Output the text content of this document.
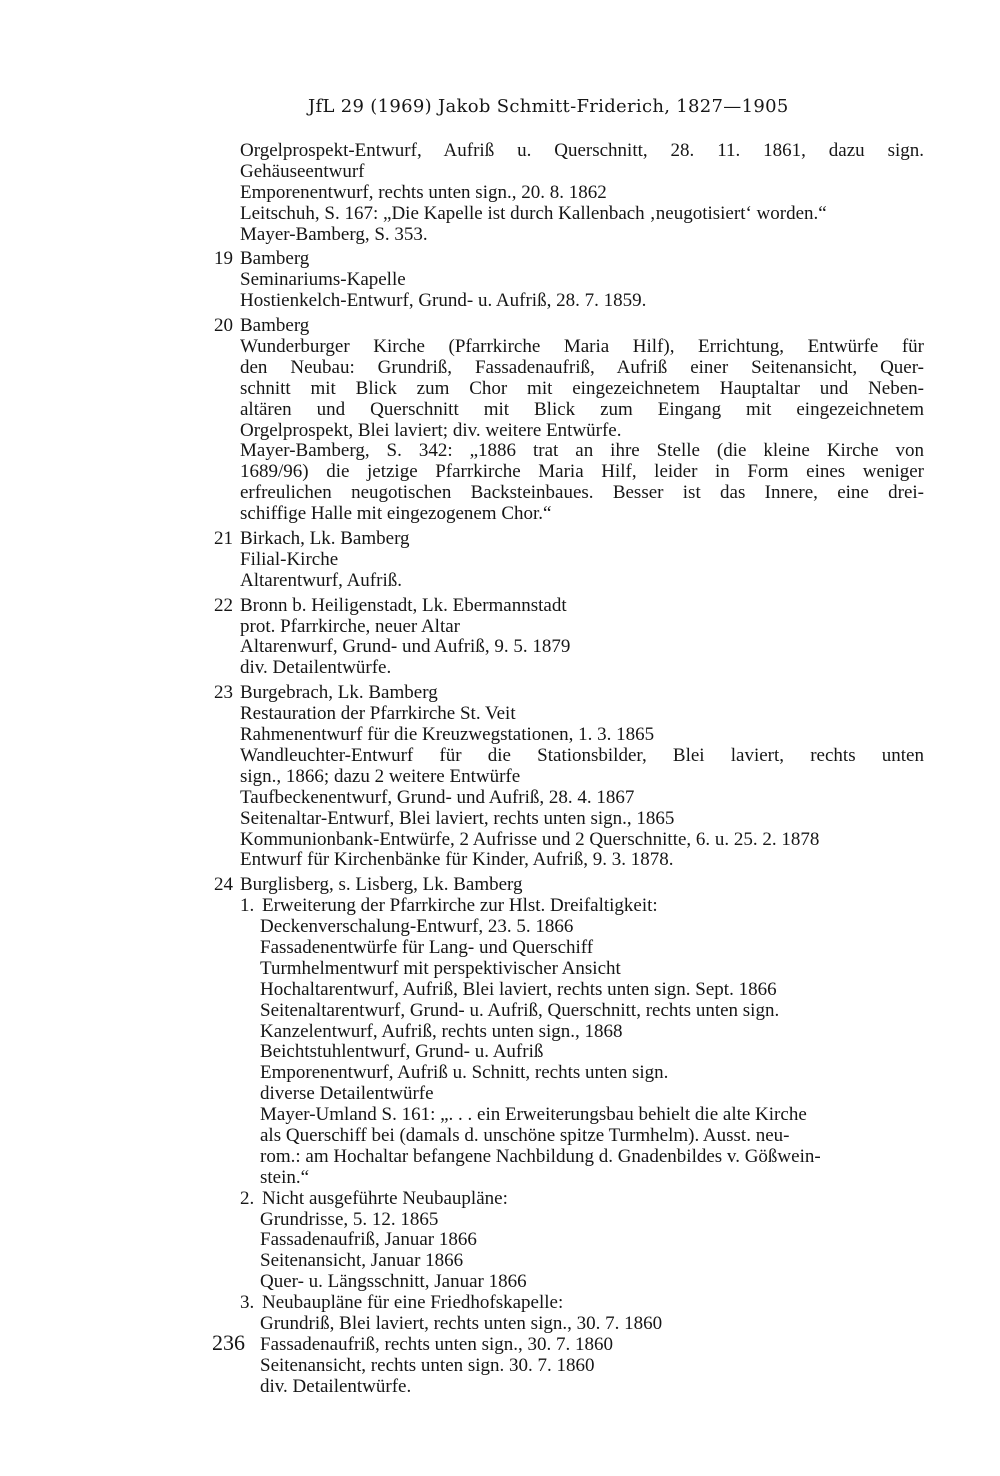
JfL 29 (1969) Jakob Schmitt-Friderich, 1827—1905
Orgelprospekt-Entwurf, Aufriß u. Querschnitt, 28. 11. 1861, dazu sign.
Gehäuseentwurf
Emporenentwurf, rechts unten sign., 20. 8. 1862
Leitschuh, S. 167: „Die Kapelle ist durch Kallenbach ‚neugotisiert‘ worden.“
Mayer-Bamberg, S. 353.
19 Bamberg
Seminariums-Kapelle
Hostienkelch-Entwurf, Grund- u. Aufriß, 28. 7. 1859.
20 Bamberg
Wunderburger Kirche (Pfarrkirche Maria Hilf), Errichtung, Entwürfe für
den Neubau: Grundriß, Fassadenaufriß, Aufriß einer Seitenansicht, Quer-
schnitt mit Blick zum Chor mit eingezeichnetem Hauptaltar und Neben-
altären und Querschnitt mit Blick zum Eingang mit eingezeichnetem
Orgelprospekt, Blei laviert; div. weitere Entwürfe.
Mayer-Bamberg, S. 342: „1886 trat an ihre Stelle (die kleine Kirche von
1689/96) die jetzige Pfarrkirche Maria Hilf, leider in Form eines weniger
erfreulichen neugotischen Backsteinbaues. Besser ist das Innere, eine drei-
schiffige Halle mit eingezogenem Chor.“
21 Birkach, Lk. Bamberg
Filial-Kirche
Altarentwurf, Aufriß.
22 Bronn b. Heiligenstadt, Lk. Ebermannstadt
prot. Pfarrkirche, neuer Altar
Altarenwurf, Grund- und Aufriß, 9. 5. 1879
div. Detailentwürfe.
23 Burgebrach, Lk. Bamberg
Restauration der Pfarrkirche St. Veit
Rahmenentwurf für die Kreuzwegstationen, 1. 3. 1865
Wandleuchter-Entwurf für die Stationsbilder, Blei laviert, rechts unten
sign., 1866; dazu 2 weitere Entwürfe
Taufbeckenentwurf, Grund- und Aufriß, 28. 4. 1867
Seitenaltar-Entwurf, Blei laviert, rechts unten sign., 1865
Kommunionbank-Entwürfe, 2 Aufrisse und 2 Querschnitte, 6. u. 25. 2. 1878
Entwurf für Kirchenbänke für Kinder, Aufriß, 9. 3. 1878.
24 Burglisberg, s. Lisberg, Lk. Bamberg
1. Erweiterung der Pfarrkirche zur Hlst. Dreifaltigkeit:
Deckenverschalung-Entwurf, 23. 5. 1866
Fassadenentwürfe für Lang- und Querschiff
Turmhelmentwurf mit perspektivischer Ansicht
Hochaltarentwurf, Aufriß, Blei laviert, rechts unten sign. Sept. 1866
Seitenaltarentwurf, Grund- u. Aufriß, Querschnitt, rechts unten sign.
Kanzelentwurf, Aufriß, rechts unten sign., 1868
Beichtstuhlentwurf, Grund- u. Aufriß
Emporenentwurf, Aufriß u. Schnitt, rechts unten sign.
diverse Detailentwürfe
Mayer-Umland S. 161: „. . . ein Erweiterungsbau behielt die alte Kirche
als Querschiff bei (damals d. unschöne spitze Turmhelm). Ausst. neu-
rom.: am Hochaltar befangene Nachbildung d. Gnadenbildes v. Gößwein-
stein.“
2. Nicht ausgeführte Neubaupläne:
Grundrisse, 5. 12. 1865
Fassadenaufriß, Januar 1866
Seitenansicht, Januar 1866
Quer- u. Längsschnitt, Januar 1866
3. Neubaupläne für eine Friedhofskapelle:
Grundriß, Blei laviert, rechts unten sign., 30. 7. 1860
Fassadenaufriß, rechts unten sign., 30. 7. 1860
Seitenansicht, rechts unten sign. 30. 7. 1860
div. Detailentwürfe.
236
